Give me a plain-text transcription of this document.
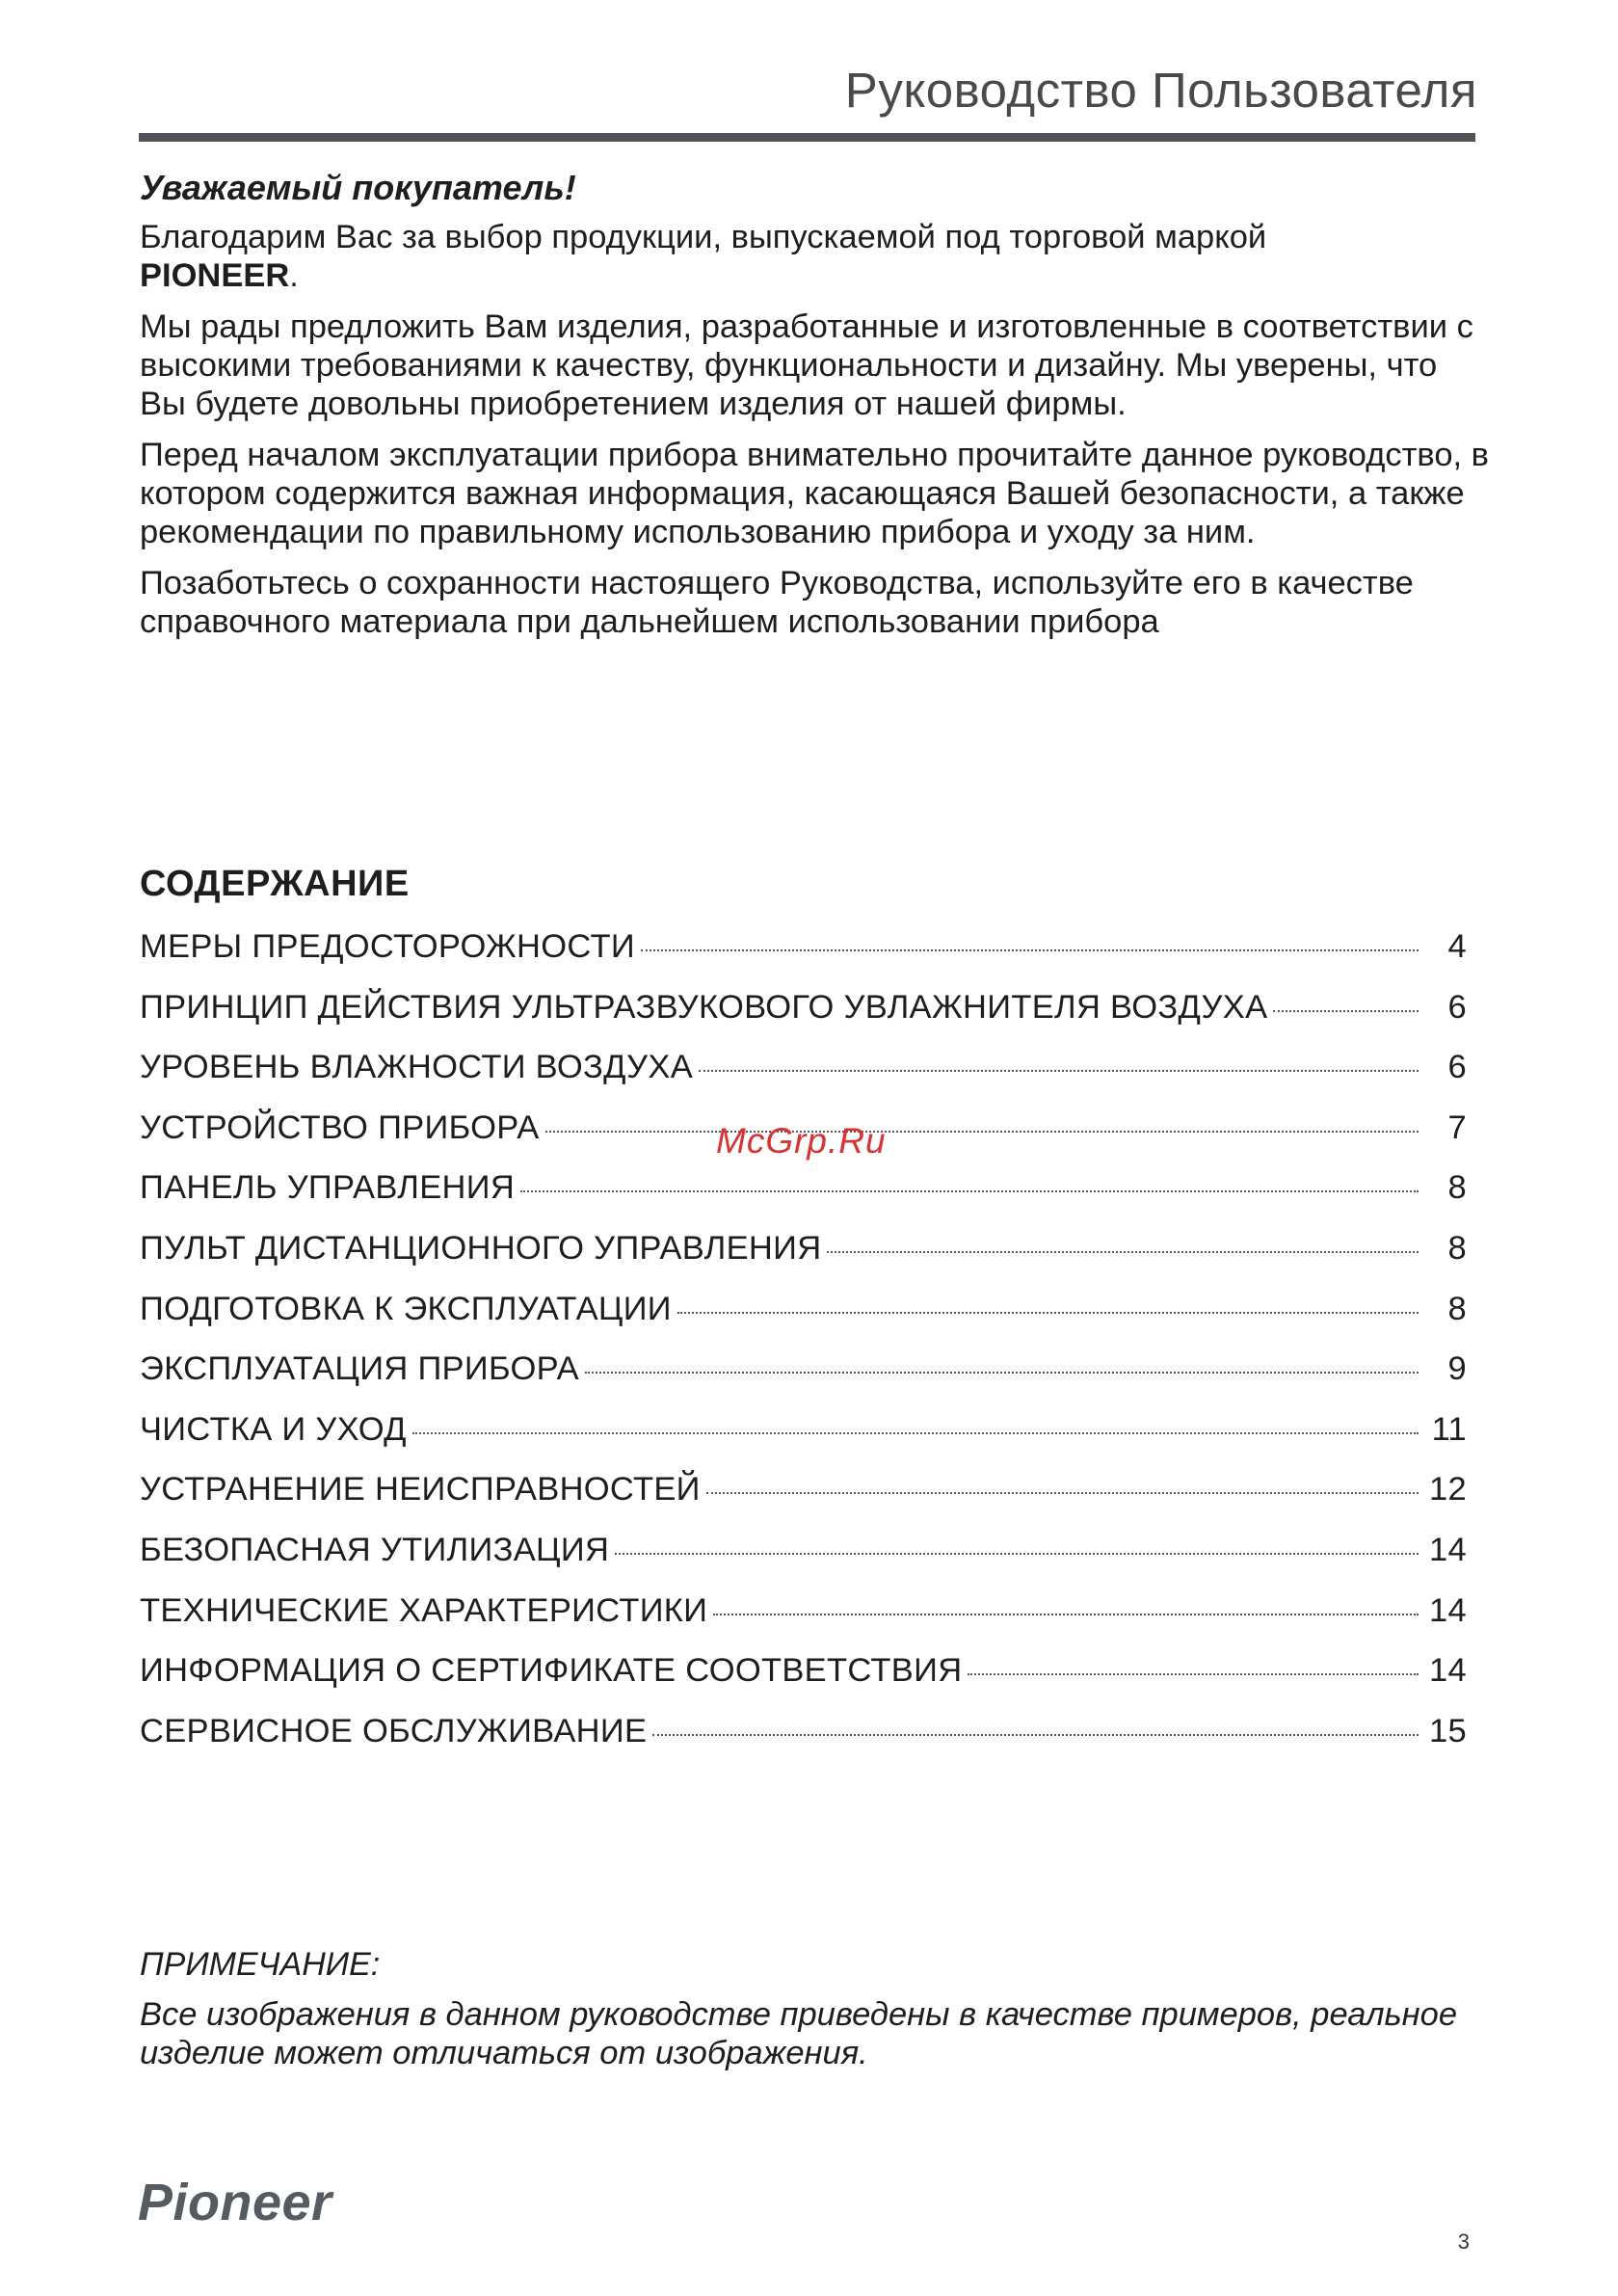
Руководство Пользователя

Уважаемый покупатель!

Благодарим Вас за выбор продукции, выпускаемой под торговой маркой
PIONEER.

Мы рады предложить Вам изделия, разработанные и изготовленные в соответствии с высокими требованиями к качеству, функциональности и дизайну. Мы уверены, что Вы будете довольны приобретением изделия от нашей фирмы.

Перед началом эксплуатации прибора внимательно прочитайте данное руководство, в котором содержится важная информация, касающаяся Вашей безопасности, а также рекомендации по правильному использованию прибора и уходу за ним.

Позаботьтесь о сохранности настоящего Руководства, используйте его в качестве справочного материала при дальнейшем использовании прибора

СОДЕРЖАНИЕ
МЕРЫ ПРЕДОСТОРОЖНОСТИ	4
ПРИНЦИП ДЕЙСТВИЯ УЛЬТРАЗВУКОВОГО УВЛАЖНИТЕЛЯ ВОЗДУХА	6
УРОВЕНЬ ВЛАЖНОСТИ ВОЗДУХА	6
УСТРОЙСТВО ПРИБОРА	7
ПАНЕЛЬ УПРАВЛЕНИЯ	8
ПУЛЬТ ДИСТАНЦИОННОГО УПРАВЛЕНИЯ	8
ПОДГОТОВКА К ЭКСПЛУАТАЦИИ	8
ЭКСПЛУАТАЦИЯ ПРИБОРА	9
ЧИСТКА И УХОД	11
УСТРАНЕНИЕ НЕИСПРАВНОСТЕЙ	12
БЕЗОПАСНАЯ УТИЛИЗАЦИЯ	14
ТЕХНИЧЕСКИЕ ХАРАКТЕРИСТИКИ	14
ИНФОРМАЦИЯ О СЕРТИФИКАТЕ СООТВЕТСТВИЯ	14
СЕРВИСНОЕ ОБСЛУЖИВАНИЕ	15
McGrp.Ru

ПРИМЕЧАНИЕ:

Все изображения в данном руководстве приведены в качестве примеров, реальное изделие может отличаться от изображения.

Pioneer
3
